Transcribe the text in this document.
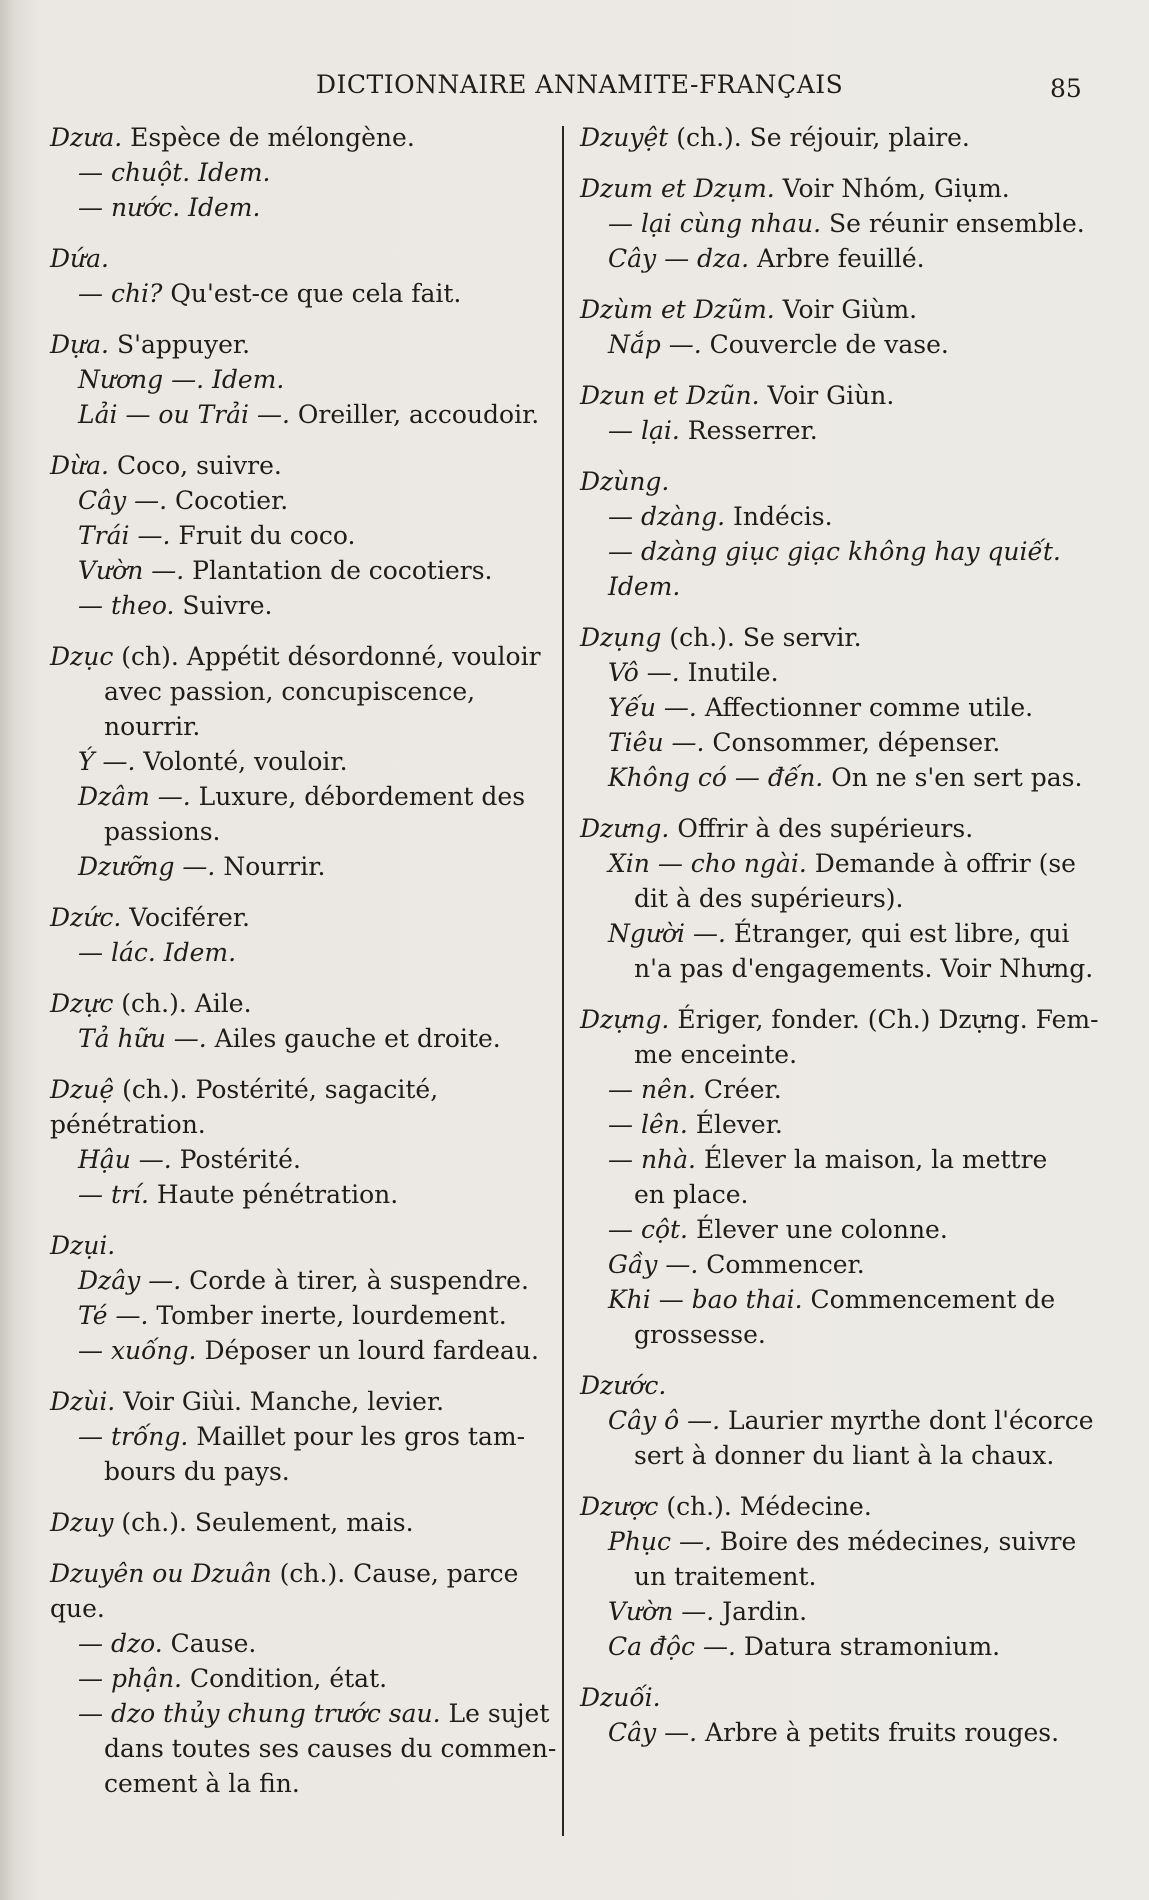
DICTIONNAIRE ANNAMITE-FRANÇAIS	85
Dzưa. Espèce de mélongène.
— chuột. Idem.
— nước. Idem.
Dứa.
— chi? Qu'est-ce que cela fait.
Dựa. S'appuyer.
Nương —. Idem.
Lải — ou Trải —. Oreiller, accoudoir.
Dừa. Coco, suivre.
Cây —. Cocotier.
Trái —. Fruit du coco.
Vườn —. Plantation de cocotiers.
— theo. Suivre.
Dzục (ch). Appétit désordonné, vouloir
avec passion, concupiscence, nourrir.
Ý —. Volonté, vouloir.
Dzâm —. Luxure, débordement des
passions.
Dzưỡng —. Nourrir.
Dzức. Vociférer.
— lác. Idem.
Dzực (ch.). Aile.
Tả hữu —. Ailes gauche et droite.
Dzuệ (ch.). Postérité, sagacité, pénétration.
Hậu —. Postérité.
— trí. Haute pénétration.
Dzụi.
Dzây —. Corde à tirer, à suspendre.
Té —. Tomber inerte, lourdement.
— xuống. Déposer un lourd fardeau.
Dzùi. Voir Giùi. Manche, levier.
— trống. Maillet pour les gros tam-
bours du pays.
Dzuy (ch.). Seulement, mais.
Dzuyên ou Dzuân (ch.). Cause, parce que.
— dzo. Cause.
— phận. Condition, état.
— dzo thủy chung trước sau. Le sujet
dans toutes ses causes du commen-
cement à la fin.
Dzuyệt (ch.). Se réjouir, plaire.
Dzum et Dzụm. Voir Nhóm, Giụm.
— lại cùng nhau. Se réunir ensemble.
Cây — dza. Arbre feuillé.
Dzùm et Dzũm. Voir Giùm.
Nắp —. Couvercle de vase.
Dzun et Dzũn. Voir Giùn.
— lại. Resserrer.
Dzùng.
— dzàng. Indécis.
— dzàng giục giạc không hay quiết. Idem.
Dzụng (ch.). Se servir.
Vô —. Inutile.
Yếu —. Affectionner comme utile.
Tiêu —. Consommer, dépenser.
Không có — đến. On ne s'en sert pas.
Dzưng. Offrir à des supérieurs.
Xin — cho ngài. Demande à offrir (se
dit à des supérieurs).
Người —. Étranger, qui est libre, qui
n'a pas d'engagements. Voir Nhưng.
Dzựng. Ériger, fonder. (Ch.) Dzựng. Fem-
me enceinte.
— nên. Créer.
— lên. Élever.
— nhà. Élever la maison, la mettre
en place.
— cột. Élever une colonne.
Gầy —. Commencer.
Khi — bao thai. Commencement de
grossesse.
Dzước.
Cây ô —. Laurier myrthe dont l'écorce
sert à donner du liant à la chaux.
Dzược (ch.). Médecine.
Phục —. Boire des médecines, suivre
un traitement.
Vườn —. Jardin.
Ca độc —. Datura stramonium.
Dzuối.
Cây —. Arbre à petits fruits rouges.
